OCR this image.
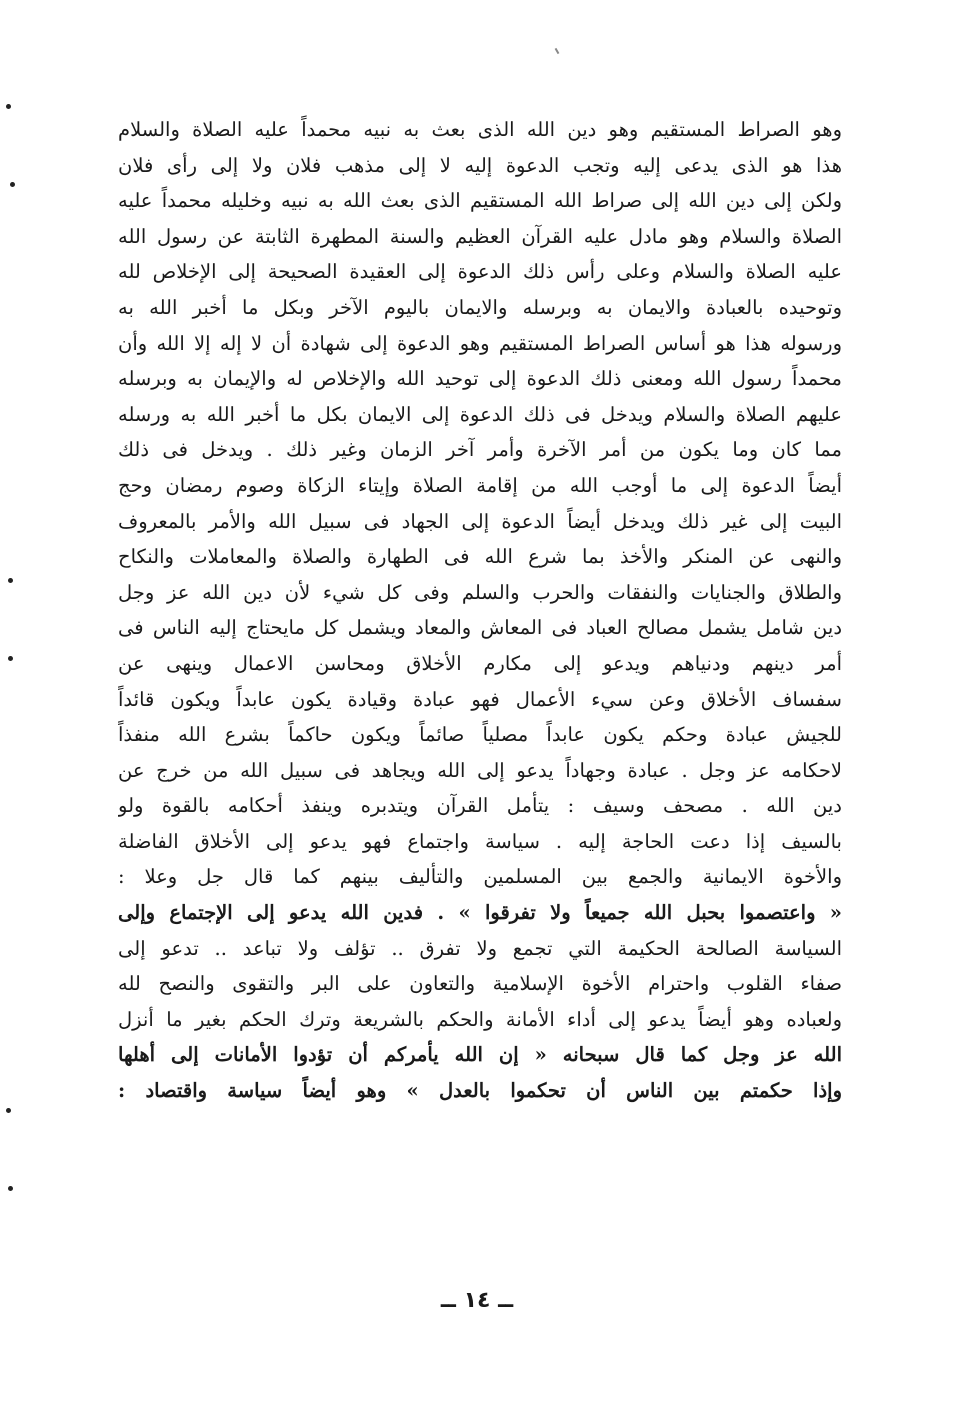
وهو الصراط المستقيم وهو دين الله الذى بعث به نبيه محمداً عليه الصلاة والسلام
هذا هو الذى يدعى إليه وتجب الدعوة إليه لا إلى مذهب فلان ولا إلى رأى فلان
ولكن إلى دين الله إلى صراط الله المستقيم الذى بعث الله به نبيه وخليله محمداً عليه
الصلاة والسلام وهو مادل عليه القرآن العظيم والسنة المطهرة الثابتة عن رسول الله
عليه الصلاة والسلام وعلى رأس ذلك الدعوة إلى العقيدة الصحيحة إلى الإخلاص لله
وتوحيده بالعبادة والايمان به وبرسله والايمان باليوم الآخر وبكل ما أخبر الله به
ورسوله هذا هو أساس الصراط المستقيم وهو الدعوة إلى شهادة أن لا إله إلا الله وأن
محمداً رسول الله ومعنى ذلك الدعوة إلى توحيد الله والإخلاص له والإيمان به وبرسله
عليهم الصلاة والسلام ويدخل فى ذلك الدعوة إلى الايمان بكل ما أخبر الله به ورسله
مما كان وما يكون من أمر الآخرة وأمر آخر الزمان وغير ذلك . ويدخل فى ذلك
أيضاً الدعوة إلى ما أوجب الله من إقامة الصلاة وإيتاء الزكاة وصوم رمضان وحج
البيت إلى غير ذلك ويدخل أيضاً الدعوة إلى الجهاد فى سبيل الله والأمر بالمعروف
والنهى عن المنكر والأخذ بما شرع الله فى الطهارة والصلاة والمعاملات والنكاح
والطلاق والجنايات والنفقات والحرب والسلم وفى كل شيء لأن دين الله عز وجل
دين شامل يشمل مصالح العباد فى المعاش والمعاد ويشمل كل مايحتاج إليه الناس فى
أمر دينهم ودنياهم ويدعو إلى مكارم الأخلاق ومحاسن الاعمال وينهى عن
سفساف الأخلاق وعن سيء الأعمال فهو عبادة وقيادة يكون عابداً ويكون قائداً
للجيش عبادة وحكم يكون عابداً مصلياً صائماً ويكون حاكماً بشرع الله منفذاً
لاحكامه عز وجل . عبادة وجهاداً يدعو إلى الله ويجاهد فى سبيل الله من خرج عن
دين الله . مصحف وسيف : يتأمل القرآن ويتدبره وينفذ أحكامه بالقوة ولو
بالسيف إذا دعت الحاجة إليه . سياسة واجتماع فهو يدعو إلى الأخلاق الفاضلة
والأخوة الايمانية والجمع بين المسلمين والتأليف بينهم كما قال جل وعلا :
« واعتصموا بحبل الله جميعاً ولا تفرقوا » . فدين الله يدعو إلى الإجتماع وإلى
السياسة الصالحة الحكيمة التي تجمع ولا تفرق .. تؤلف ولا تباعد .. تدعو إلى
صفاء القلوب واحترام الأخوة الإسلامية والتعاون على البر والتقوى والنصح لله
ولعباده وهو أيضاً يدعو إلى أداء الأمانة والحكم بالشريعة وترك الحكم بغير ما أنزل
الله عز وجل كما قال سبحانه « إن الله يأمركم أن تؤدوا الأمانات إلى أهلها
وإذا حكمتم بين الناس أن تحكموا بالعدل » وهو أيضاً سياسة واقتصاد :
ــ ١٤ ــ
